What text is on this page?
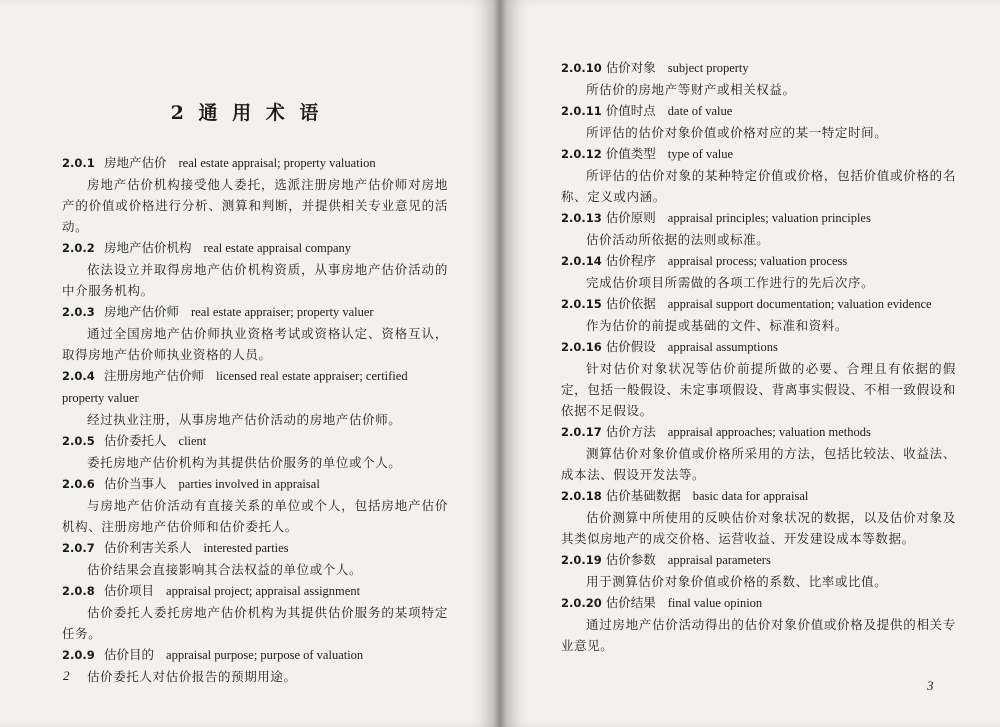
2 通 用 术 语
2.0.1 房地产估价 real estate appraisal; property valuation
房地产估价机构接受他人委托，选派注册房地产估价师对房地产的价值或价格进行分析、测算和判断，并提供相关专业意见的活动。
2.0.2 房地产估价机构 real estate appraisal company
依法设立并取得房地产估价机构资质，从事房地产估价活动的中介服务机构。
2.0.3 房地产估价师 real estate appraiser; property valuer
通过全国房地产估价师执业资格考试或资格认定、资格互认，取得房地产估价师执业资格的人员。
2.0.4 注册房地产估价师 licensed real estate appraiser; certified property valuer
经过执业注册，从事房地产估价活动的房地产估价师。
2.0.5 估价委托人 client
委托房地产估价机构为其提供估价服务的单位或个人。
2.0.6 估价当事人 parties involved in appraisal
与房地产估价活动有直接关系的单位或个人，包括房地产估价机构、注册房地产估价师和估价委托人。
2.0.7 估价利害关系人 interested parties
估价结果会直接影响其合法权益的单位或个人。
2.0.8 估价项目 appraisal project; appraisal assignment
估价委托人委托房地产估价机构为其提供估价服务的某项特定任务。
2.0.9 估价目的 appraisal purpose; purpose of valuation
估价委托人对估价报告的预期用途。
2
2.0.10 估价对象 subject property
所估价的房地产等财产或相关权益。
2.0.11 价值时点 date of value
所评估的估价对象价值或价格对应的某一特定时间。
2.0.12 价值类型 type of value
所评估的估价对象的某种特定价值或价格，包括价值或价格的名称、定义或内涵。
2.0.13 估价原则 appraisal principles; valuation principles
估价活动所依据的法则或标准。
2.0.14 估价程序 appraisal process; valuation process
完成估价项目所需做的各项工作进行的先后次序。
2.0.15 估价依据 appraisal support documentation; valuation evidence
作为估价的前提或基础的文件、标准和资料。
2.0.16 估价假设 appraisal assumptions
针对估价对象状况等估价前提所做的必要、合理且有依据的假定，包括一般假设、未定事项假设、背离事实假设、不相一致假设和依据不足假设。
2.0.17 估价方法 appraisal approaches; valuation methods
测算估价对象价值或价格所采用的方法，包括比较法、收益法、成本法、假设开发法等。
2.0.18 估价基础数据 basic data for appraisal
估价测算中所使用的反映估价对象状况的数据，以及估价对象及其类似房地产的成交价格、运营收益、开发建设成本等数据。
2.0.19 估价参数 appraisal parameters
用于测算估价对象价值或价格的系数、比率或比值。
2.0.20 估价结果 final value opinion
通过房地产估价活动得出的估价对象价值或价格及提供的相关专业意见。
3
